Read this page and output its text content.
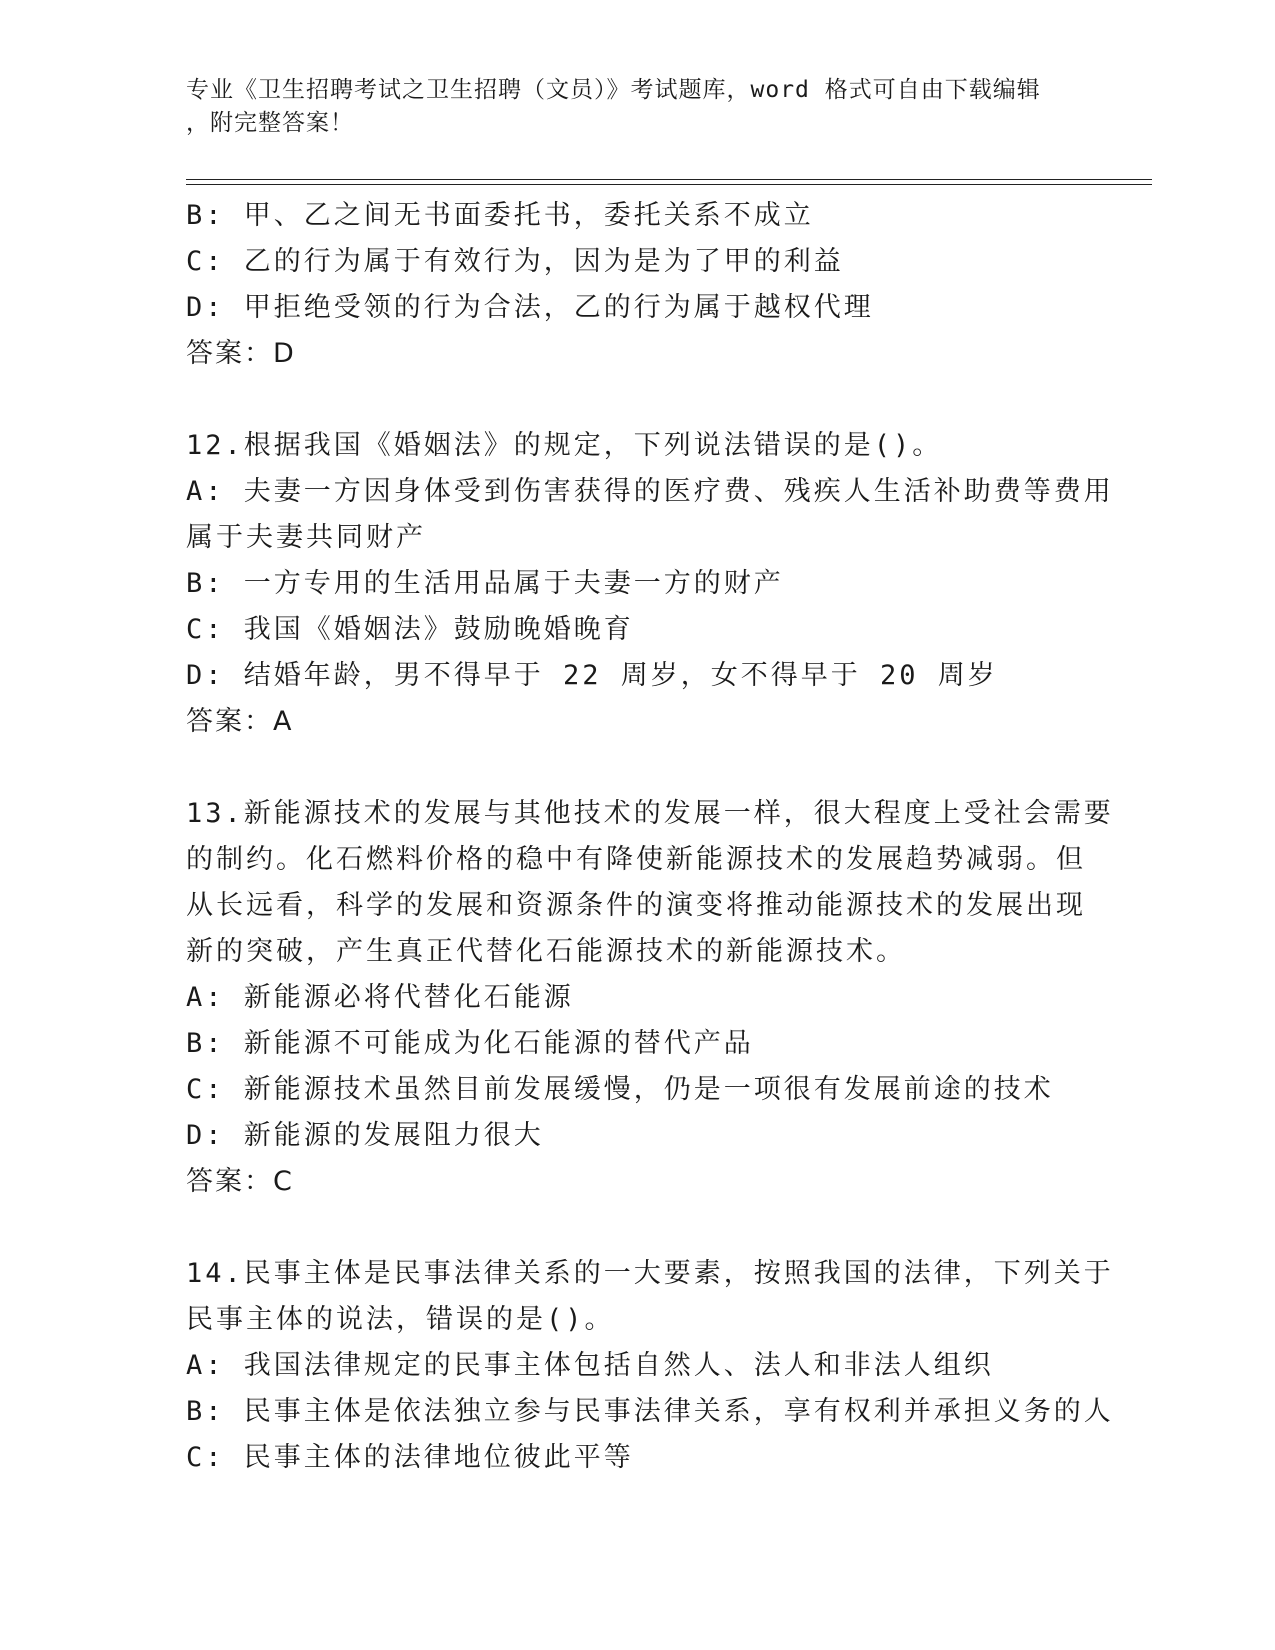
专业《卫生招聘考试之卫生招聘（文员）》考试题库，word 格式可自由下载编辑
，附完整答案！
B: 甲、乙之间无书面委托书，委托关系不成立
C: 乙的行为属于有效行为，因为是为了甲的利益
D: 甲拒绝受领的行为合法，乙的行为属于越权代理
答案：D
12.根据我国《婚姻法》的规定，下列说法错误的是()。
A: 夫妻一方因身体受到伤害获得的医疗费、残疾人生活补助费等费用
属于夫妻共同财产
B: 一方专用的生活用品属于夫妻一方的财产
C: 我国《婚姻法》鼓励晚婚晚育
D: 结婚年龄，男不得早于 22 周岁，女不得早于 20 周岁
答案：A
13.新能源技术的发展与其他技术的发展一样，很大程度上受社会需要
的制约。化石燃料价格的稳中有降使新能源技术的发展趋势减弱。但
从长远看，科学的发展和资源条件的演变将推动能源技术的发展出现
新的突破，产生真正代替化石能源技术的新能源技术。
A: 新能源必将代替化石能源
B: 新能源不可能成为化石能源的替代产品
C: 新能源技术虽然目前发展缓慢，仍是一项很有发展前途的技术
D: 新能源的发展阻力很大
答案：C
14.民事主体是民事法律关系的一大要素，按照我国的法律，下列关于
民事主体的说法，错误的是()。
A: 我国法律规定的民事主体包括自然人、法人和非法人组织
B: 民事主体是依法独立参与民事法律关系，享有权利并承担义务的人
C: 民事主体的法律地位彼此平等
